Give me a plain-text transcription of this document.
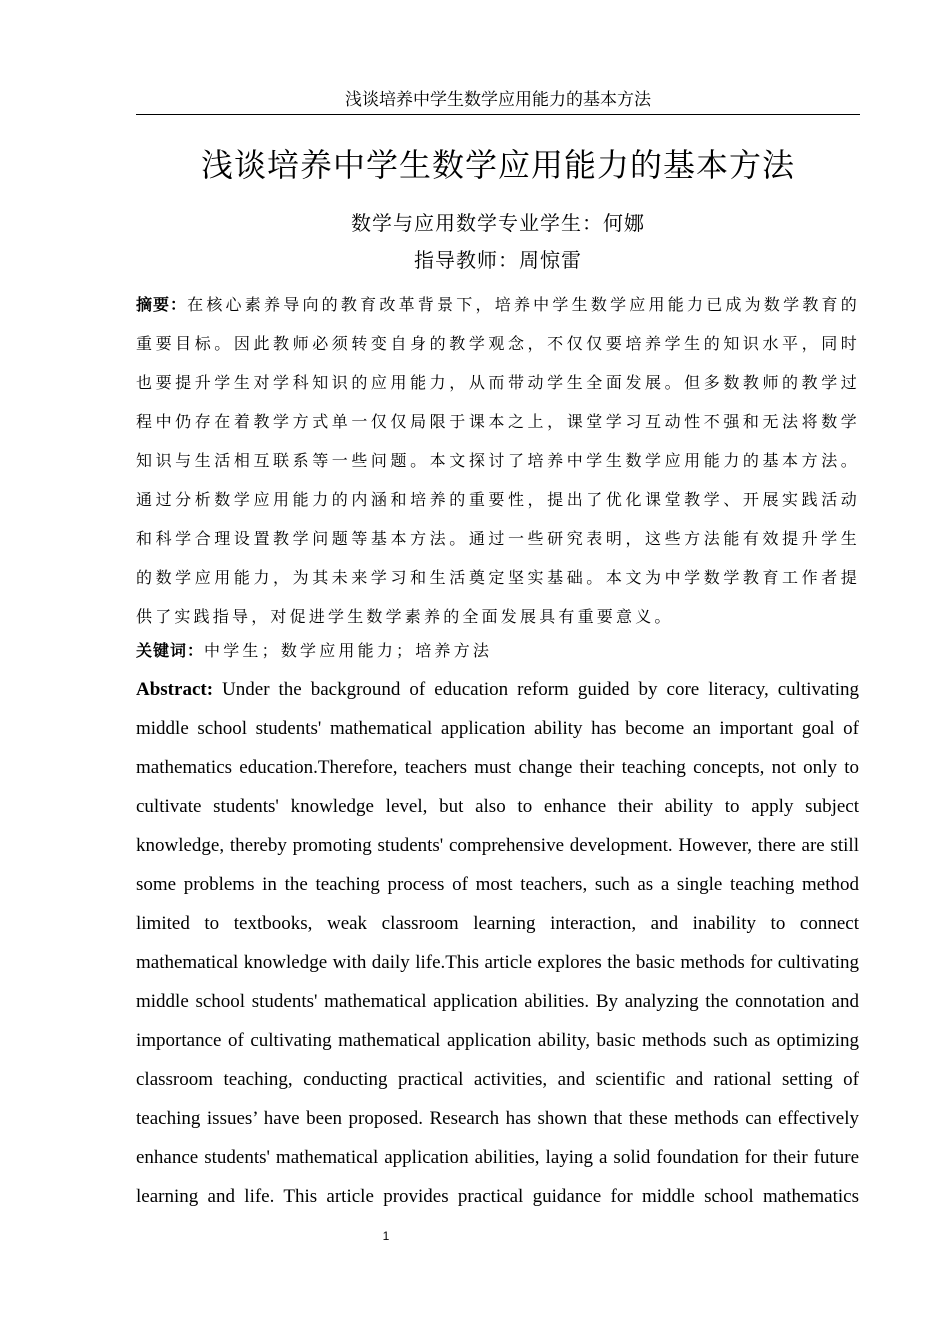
浅谈培养中学生数学应用能力的基本方法
浅谈培养中学生数学应用能力的基本方法
数学与应用数学专业学生：何娜
指导教师：周惊雷

摘要：在核心素养导向的教育改革背景下，培养中学生数学应用能力已成为数学教育的重要目标。因此教师必须转变自身的教学观念，不仅仅要培养学生的知识水平，同时也要提升学生对学科知识的应用能力，从而带动学生全面发展。但多数教师的教学过程中仍存在着教学方式单一仅仅局限于课本之上，课堂学习互动性不强和无法将数学知识与生活相互联系等一些问题。本文探讨了培养中学生数学应用能力的基本方法。通过分析数学应用能力的内涵和培养的重要性，提出了优化课堂教学、开展实践活动和科学合理设置教学问题等基本方法。通过一些研究表明，这些方法能有效提升学生的数学应用能力，为其未来学习和生活奠定坚实基础。本文为中学数学教育工作者提供了实践指导，对促进学生数学素养的全面发展具有重要意义。

关键词：中学生；数学应用能力；培养方法

Abstract: Under the background of education reform guided by core literacy, cultivating middle school students' mathematical application ability has become an important goal of mathematics education.Therefore, teachers must change their teaching concepts, not only to cultivate students' knowledge level, but also to enhance their ability to apply subject knowledge, thereby promoting students' comprehensive development. However, there are still some problems in the teaching process of most teachers, such as a single teaching method limited to textbooks, weak classroom learning interaction, and inability to connect mathematical knowledge with daily life.This article explores the basic methods for cultivating middle school students' mathematical application abilities. By analyzing the connotation and importance of cultivating mathematical application ability, basic methods such as optimizing classroom teaching, conducting practical activities, and scientific and rational setting of teaching issues’ have been proposed. Research has shown that these methods can effectively enhance students' mathematical application abilities, laying a solid foundation for their future learning and life. This article provides practical guidance for middle school mathematics

1
